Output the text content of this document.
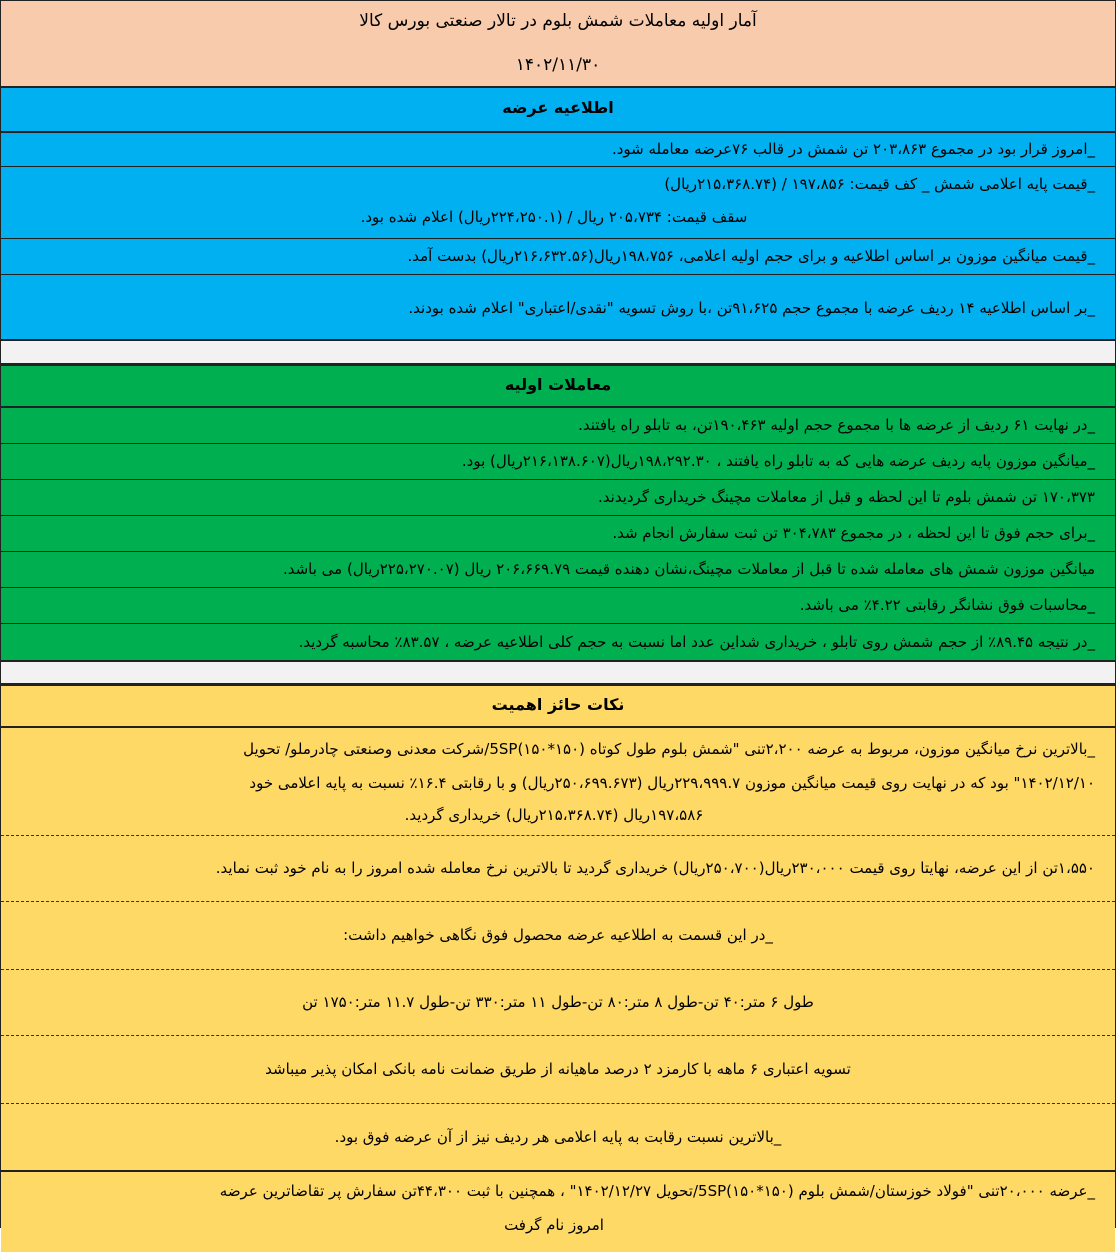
آمار اولیه معاملات شمش بلوم در تالار صنعتی بورس کالا
۱۴۰۲/۱۱/۳۰
اطلاعیه عرضه
_امروز قرار بود در مجموع ۲۰۳،۸۶۳ تن شمش در قالب ۷۶عرضه معامله شود.
_قیمت پایه اعلامی شمش _ کف قیمت: ۱۹۷،۸۵۶ / (۲۱۵،۳۶۸.۷۴ریال)
سقف قیمت: ۲۰۵،۷۳۴ ریال / (۲۲۴،۲۵۰.۱ریال) اعلام شده بود.
_قیمت میانگین موزون بر اساس اطلاعیه و برای حجم اولیه اعلامی، ۱۹۸،۷۵۶ریال(۲۱۶،۶۳۲.۵۶ریال) بدست آمد.
_بر اساس اطلاعیه ۱۴ ردیف عرضه با مجموع حجم ۹۱،۶۲۵تن ،با روش تسویه "نقدی/اعتباری" اعلام شده بودند.
معاملات اولیه
_در نهایت ۶۱ ردیف از عرضه ها با مجموع حجم اولیه ۱۹۰،۴۶۳تن، به تابلو راه یافتند.
_میانگین موزون پایه ردیف عرضه هایی که به تابلو راه یافتند ، ۱۹۸،۲۹۲.۳۰ریال(۲۱۶،۱۳۸.۶۰۷ریال) بود.
۱۷۰،۳۷۳ تن شمش بلوم تا این لحظه و قبل از معاملات مچینگ خریداری گردیدند.
_برای حجم فوق تا این لحظه ، در مجموع ۳۰۴،۷۸۳ تن ثبت سفارش انجام شد.
میانگین موزون شمش های معامله شده تا قبل از معاملات مچینگ،نشان دهنده قیمت ۲۰۶،۶۶۹.۷۹ ریال (۲۲۵،۲۷۰.۰۷ریال) می باشد.
_محاسبات فوق نشانگر رقابتی ۴.۲۲٪ می باشد.
_در نتیجه ۸۹.۴۵٪ از حجم شمش روی تابلو ، خریداری شداین عدد اما نسبت به حجم کلی اطلاعیه عرضه ، ۸۳.۵۷٪ محاسبه گردید.
نکات حائز اهمیت
_بالاترین نرخ میانگین موزون، مربوط به عرضه ۲،۲۰۰تنی "شمش بلوم طول کوتاه (۱۵۰*۱۵۰)5SP/شرکت معدنی وصنعتی چادرملو/ تحویل
۱۴۰۲/۱۲/۱۰" بود که در نهایت روی قیمت میانگین موزون ۲۲۹،۹۹۹.۷ریال (۲۵۰،۶۹۹.۶۷۳ریال) و با رقابتی ۱۶.۴٪ نسبت به پایه اعلامی خود
۱۹۷،۵۸۶ریال (۲۱۵،۳۶۸.۷۴ریال) خریداری گردید.
۱،۵۵۰تن از این عرضه، نهایتا روی قیمت ۲۳۰،۰۰۰ریال(۲۵۰،۷۰۰ریال) خریداری گردید تا بالاترین نرخ معامله شده امروز را به نام خود ثبت نماید.
_در این قسمت به اطلاعیه عرضه محصول فوق نگاهی خواهیم داشت:
طول ۶ متر:۴۰ تن-طول ۸ متر:۸۰ تن-طول ۱۱ متر:۳۳۰ تن-طول ۱۱.۷ متر:۱۷۵۰ تن
تسویه اعتباری ۶ ماهه با کارمزد ۲ درصد ماهیانه از طریق ضمانت نامه بانکی امکان پذیر میباشد
_بالاترین نسبت رقابت به پایه اعلامی هر ردیف نیز از آن عرضه فوق بود.
_عرضه ۲۰،۰۰۰تنی "فولاد خوزستان/شمش بلوم (۱۵۰*۱۵۰)5SP/تحویل ۱۴۰۲/۱۲/۲۷" ، همچنین با ثبت ۴۴،۳۰۰تن سفارش پر تقاضاترین عرضه
امروز نام گرفت
